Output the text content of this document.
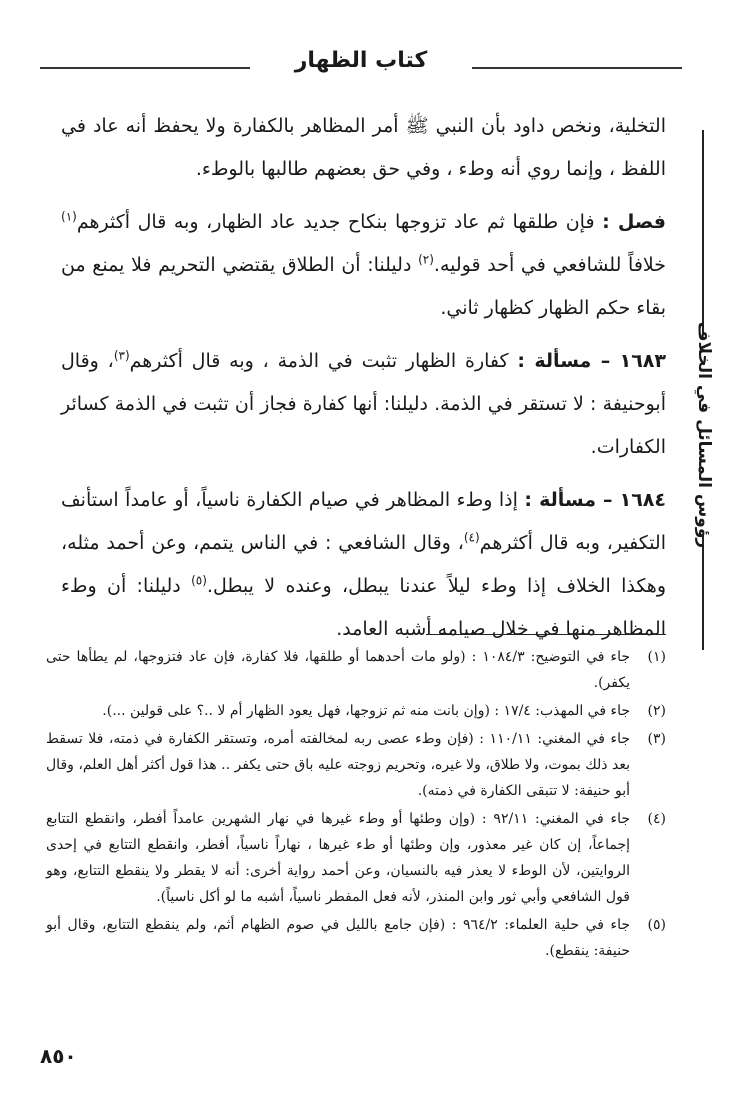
كتاب الظهار
رؤوس المسائل في الخلاف

التخلية، ونخص داود بأن النبي ﷺ أمر المظاهر بالكفارة ولا يحفظ أنه عاد في اللفظ ، وإنما روي أنه وطء ، وفي حق بعضهم طالبها بالوطء.

فصل : فإن طلقها ثم عاد تزوجها بنكاح جديد عاد الظهار، وبه قال أكثرهم$^{(١)}$ خلافاً للشافعي في أحد قوليه.$^{(٢)}$ دليلنا: أن الطلاق يقتضي التحريم فلا يمنع من بقاء حكم الظهار كظهار ثاني.

١٦٨٣ – مسألة : كفارة الظهار تثبت في الذمة ، وبه قال أكثرهم$^{(٣)}$، وقال أبوحنيفة : لا تستقر في الذمة. دليلنا: أنها كفارة فجاز أن تثبت في الذمة كسائر الكفارات.

١٦٨٤ – مسألة : إذا وطء المظاهر في صيام الكفارة ناسياً، أو عامداً استأنف التكفير، وبه قال أكثرهم$^{(٤)}$، وقال الشافعي : في الناس يتمم، وعن أحمد مثله، وهكذا الخلاف إذا وطء ليلاً عندنا يبطل، وعنده لا يبطل.$^{(٥)}$ دليلنا: أن وطء المظاهر منها في خلال صيامه أشبه العامد.

(١)
جاء في التوضيح: ١٠٨٤/٣ : (ولو مات أحدهما أو طلقها، فلا كفارة، فإن عاد فتزوجها، لم يطأها حتى يكفر).
(٢)
جاء في المهذب: ١٧/٤ : (وإن بانت منه ثم تزوجها، فهل يعود الظهار أم لا ..؟ على قولين ...).
(٣)
جاء في المغني: ١١٠/١١ : (فإن وطء عصى ربه لمخالفته أمره، وتستقر الكفارة في ذمته، فلا تسقط بعد ذلك بموت، ولا طلاق، ولا غيره، وتحريم زوجته عليه باق حتى يكفر .. هذا قول أكثر أهل العلم، وقال أبو حنيفة: لا تتبقى الكفارة في ذمته).
(٤)
جاء في المغني: ٩٢/١١ : (وإن وطئها أو وطء غيرها في نهار الشهرين عامداً أفطر، وانقطع التتابع إجماعاً، إن كان غير معذور، وإن وطئها أو طء غيرها ، نهاراً ناسياً، أفطر، وانقطع التتابع في إحدى الروايتين، لأن الوطء لا يعذر فيه بالنسيان، وعن أحمد رواية أخرى: أنه لا يقطر ولا ينقطع التتابع، وهو قول الشافعي وأبي ثور وابن المنذر، لأنه فعل المفطر ناسياً، أشبه ما لو أكل ناسياً).
(٥)
جاء في حلية العلماء: ٩٦٤/٢ : (فإن جامع بالليل في صوم الظهام أثم، ولم ينقطع التتابع، وقال أبو حنيفة: ينقطع).
٨٥٠
